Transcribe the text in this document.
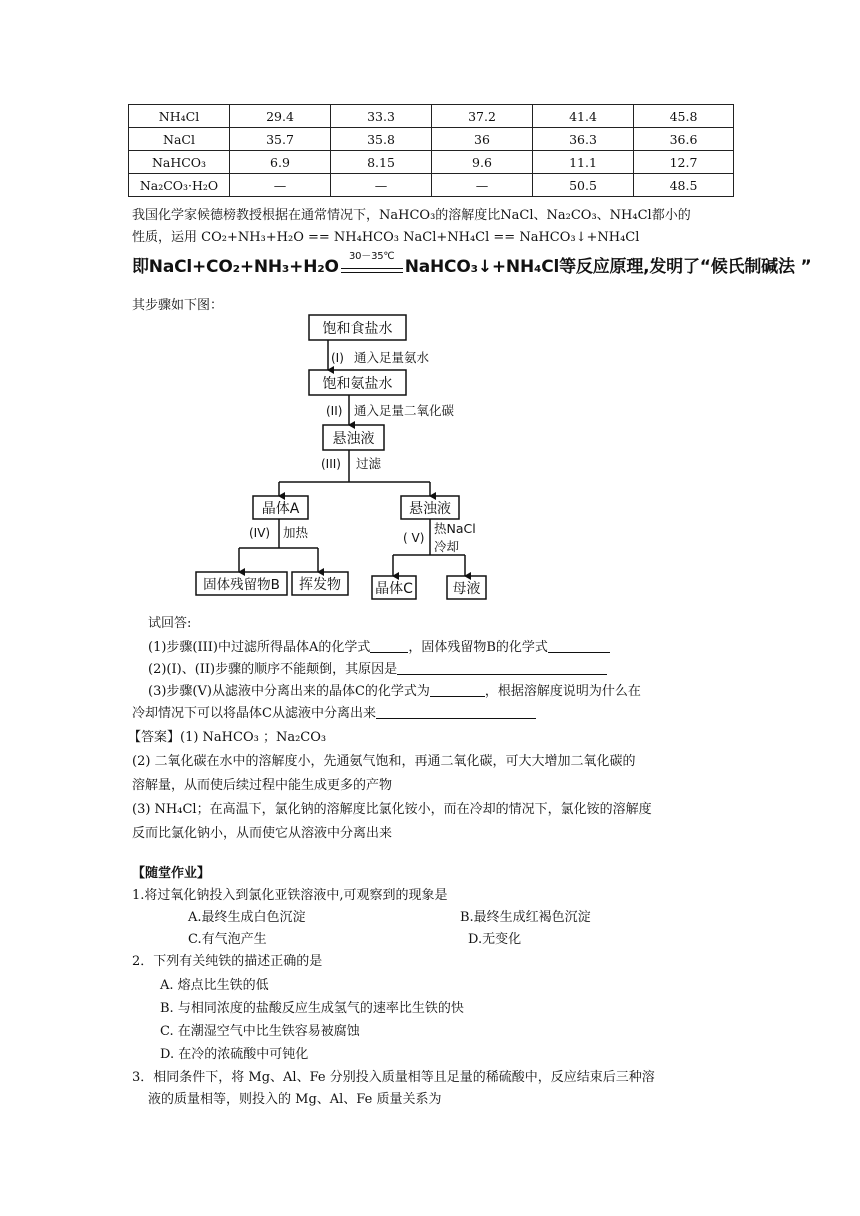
NH₄Cl	29.4	33.3	37.2	41.4	45.8
NaCl	35.7	35.8	36	36.3	36.6
NaHCO₃	6.9	8.15	9.6	11.1	12.7
Na₂CO₃·H₂O	—	—	—	50.5	48.5
我国化学家候德榜教授根据在通常情况下，NaHCO₃的溶解度比NaCl、Na₂CO₃、NH₄Cl都小的
性质，运用 CO₂+NH₃+H₂O == NH₄HCO₃ NaCl+NH₄Cl == NaHCO₃↓+NH₄Cl
即NaCl+CO₂+NH₃+H₂O
30－35℃
NaHCO₃↓+NH₄Cl等反应原理,发明了“候氏制碱法 ”
其步骤如下图：
饱和食盐水
(I) 通入足量氨水
饱和氨盐水
(II) 通入足量二氧化碳
悬浊液
(III) 过滤
晶体A
(IV) 加热
悬浊液
( V)
热NaCl
冷却
固体残留物B 挥发物 晶体C	母液
试回答:
(1)步骤(III)中过滤所得晶体A的化学式	，固体残留物B的化学式
(2)(I)、(II)步骤的顺序不能颠倒，其原因是
(3)步骤(V)从滤液中分离出来的晶体C的化学式为	，根据溶解度说明为什么在
冷却情况下可以将晶体C从滤液中分离出来
【答案】(1) NaHCO₃ ；Na₂CO₃
(2) 二氧化碳在水中的溶解度小，先通氨气饱和，再通二氧化碳，可大大增加二氧化碳的
溶解量，从而使后续过程中能生成更多的产物
(3) NH₄Cl；在高温下，氯化钠的溶解度比氯化铵小，而在冷却的情况下，氯化铵的溶解度
反而比氯化钠小，从而使它从溶液中分离出来
【随堂作业】
1.将过氧化钠投入到氯化亚铁溶液中,可观察到的现象是
A.最终生成白色沉淀	B.最终生成红褐色沉淀
C.有气泡产生	D.无变化
2．下列有关纯铁的描述正确的是
A. 熔点比生铁的低
B. 与相同浓度的盐酸反应生成氢气的速率比生铁的快
C. 在潮湿空气中比生铁容易被腐蚀
D. 在冷的浓硫酸中可钝化
3．相同条件下，将 Mg、Al、Fe 分别投入质量相等且足量的稀硫酸中，反应结束后三种溶
液的质量相等，则投入的 Mg、Al、Fe 质量关系为
